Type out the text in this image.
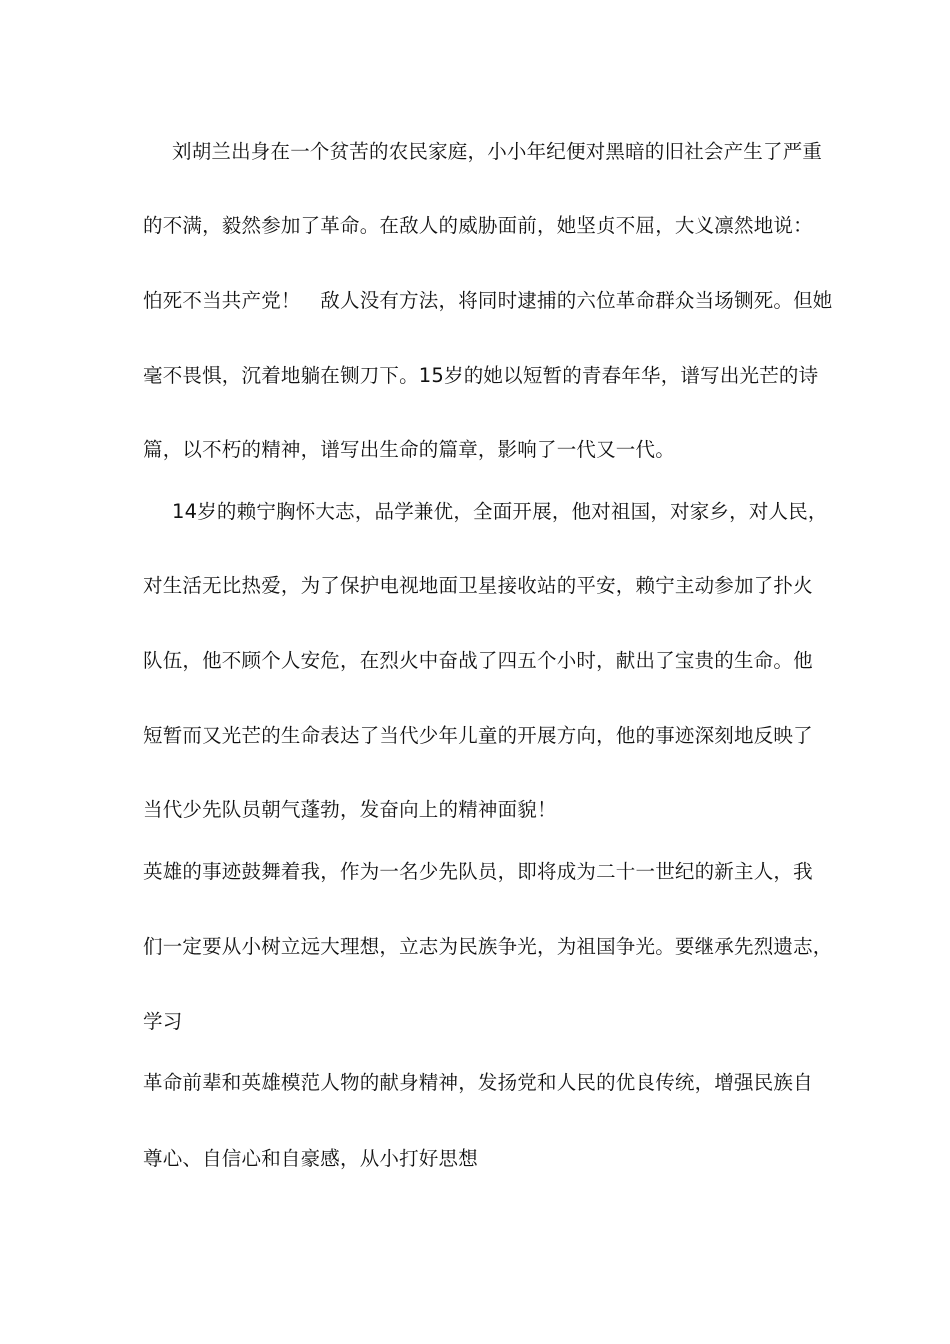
刘胡兰出身在一个贫苦的农民家庭，小小年纪便对黑暗的旧社会产生了严重
的不满，毅然参加了革命。在敌人的威胁面前，她坚贞不屈，大义凛然地说：
怕死不当共产党！　敌人没有方法，将同时逮捕的六位革命群众当场铡死。但她
毫不畏惧，沉着地躺在铡刀下。15岁的她以短暂的青春年华，谱写出光芒的诗
篇，以不朽的精神，谱写出生命的篇章，影响了一代又一代。
14岁的赖宁胸怀大志，品学兼优，全面开展，他对祖国，对家乡，对人民，
对生活无比热爱，为了保护电视地面卫星接收站的平安，赖宁主动参加了扑火
队伍，他不顾个人安危，在烈火中奋战了四五个小时，献出了宝贵的生命。他
短暂而又光芒的生命表达了当代少年儿童的开展方向，他的事迹深刻地反映了
当代少先队员朝气蓬勃，发奋向上的精神面貌！
英雄的事迹鼓舞着我，作为一名少先队员，即将成为二十一世纪的新主人，我
们一定要从小树立远大理想，立志为民族争光，为祖国争光。要继承先烈遗志，
学习
革命前辈和英雄模范人物的献身精神，发扬党和人民的优良传统，增强民族自
尊心、自信心和自豪感，从小打好思想
